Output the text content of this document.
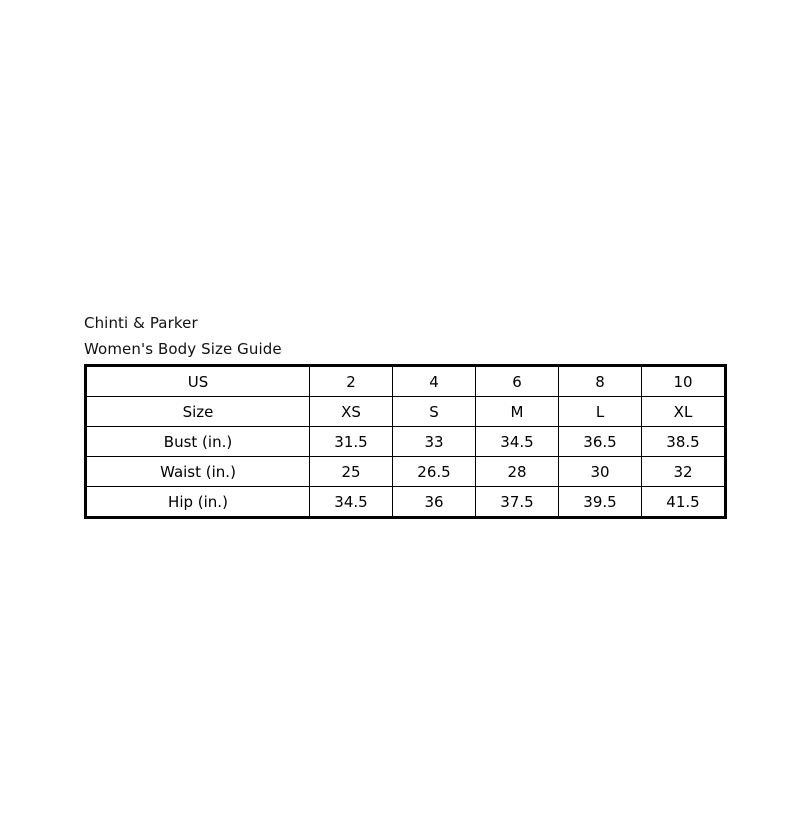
Chinti & Parker
Women's Body Size Guide
US	2	4	6	8	10
Size	XS	S	M	L	XL
Bust (in.)	31.5	33	34.5	36.5	38.5
Waist (in.)	25	26.5	28	30	32
Hip (in.)	34.5	36	37.5	39.5	41.5
